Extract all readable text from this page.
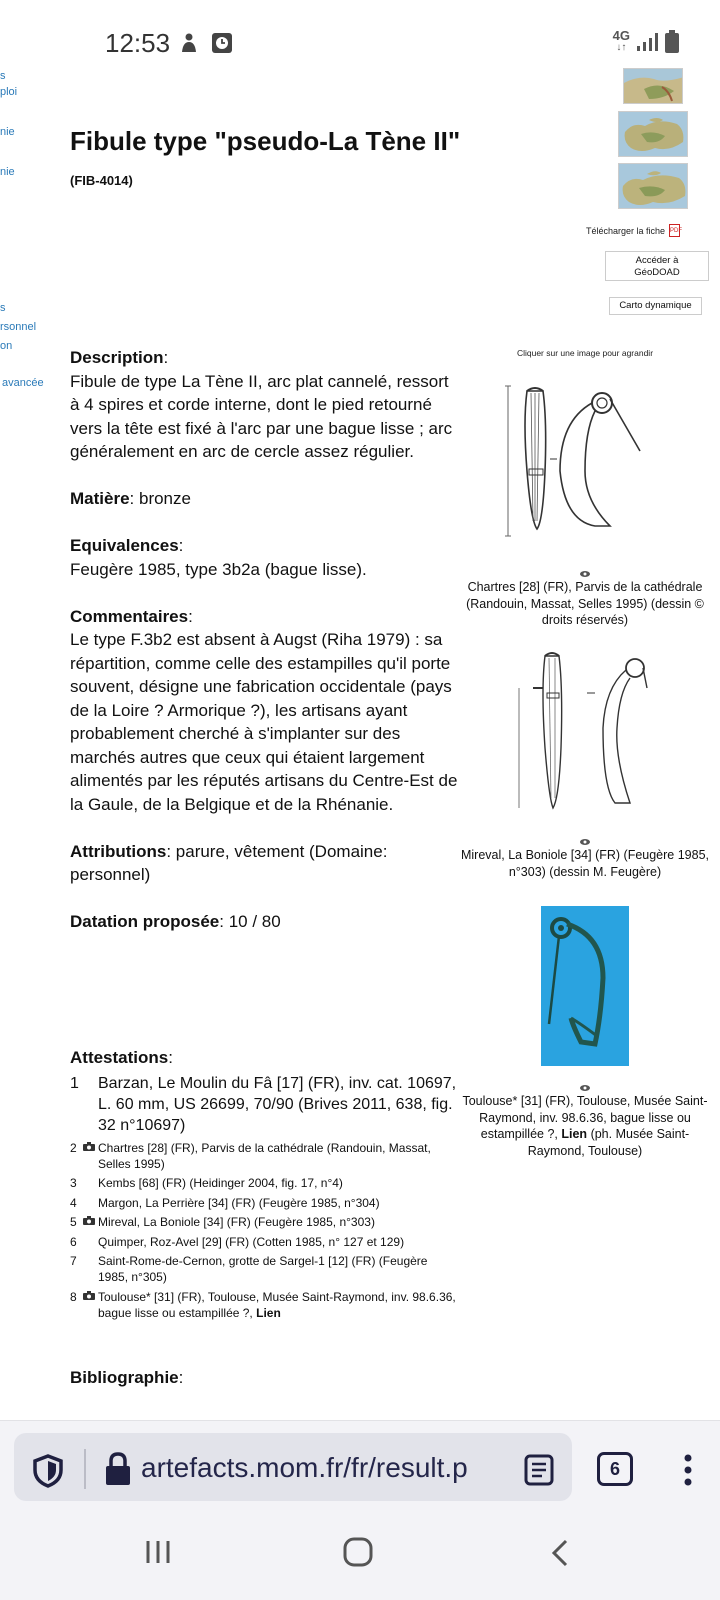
12:53	4G
↓↑
s
ploi
nie
nie
s
rsonnel
on
avancée
Fibule type "pseudo-La Tène II"
(FIB-4014)
Télécharger la fiche PDF
Accéder à GéoDOAD
Carto dynamique

Description:
Fibule de type La Tène II, arc plat cannelé, ressort à 4 spires et corde interne, dont le pied retourné vers la tête est fixé à l'arc par une bague lisse ; arc généralement en arc de cercle assez régulier.

Matière: bronze

Equivalences:
Feugère 1985, type 3b2a (bague lisse).

Commentaires:
Le type F.3b2 est absent à Augst (Riha 1979) : sa répartition, comme celle des estampilles qu'il porte souvent, désigne une fabrication occidentale (pays de la Loire ? Armorique ?), les artisans ayant probablement cherché à s'implanter sur des marchés autres que ceux qui étaient largement alimentés par les réputés artisans du Centre-Est de la Gaule, de la Belgique et de la Rhénanie.

Attributions: parure, vêtement (Domaine: personnel)

Datation proposée: 10 / 80

Attestations:
1	Barzan, Le Moulin du Fâ [17] (FR), inv. cat. 10697, L. 60 mm, US 26699, 70/90 (Brives 2011, 638, fig. 32 n°10697)
2	Chartres [28] (FR), Parvis de la cathédrale (Randouin, Massat, Selles 1995)
3	Kembs [68] (FR) (Heidinger 2004, fig. 17, n°4)
4	Margon, La Perrière [34] (FR) (Feugère 1985, n°304)
5	Mireval, La Boniole [34] (FR) (Feugère 1985, n°303)
6	Quimper, Roz-Avel [29] (FR) (Cotten 1985, n° 127 et 129)
7	Saint-Rome-de-Cernon, grotte de Sargel-1 [12] (FR) (Feugère 1985, n°305)
8	Toulouse* [31] (FR), Toulouse, Musée Saint-Raymond, inv. 98.6.36, bague lisse ou estampillée ?, Lien
Bibliographie:
Cliquer sur une image pour agrandir
Chartres [28] (FR), Parvis de la cathédrale (Randouin, Massat, Selles 1995) (dessin © droits réservés)
Mireval, La Boniole [34] (FR) (Feugère 1985, n°303) (dessin M. Feugère)
Toulouse* [31] (FR), Toulouse, Musée Saint-Raymond, inv. 98.6.36, bague lisse ou estampillée ?, Lien (ph. Musée Saint-Raymond, Toulouse)
artefacts.mom.fr/fr/result.p	6
